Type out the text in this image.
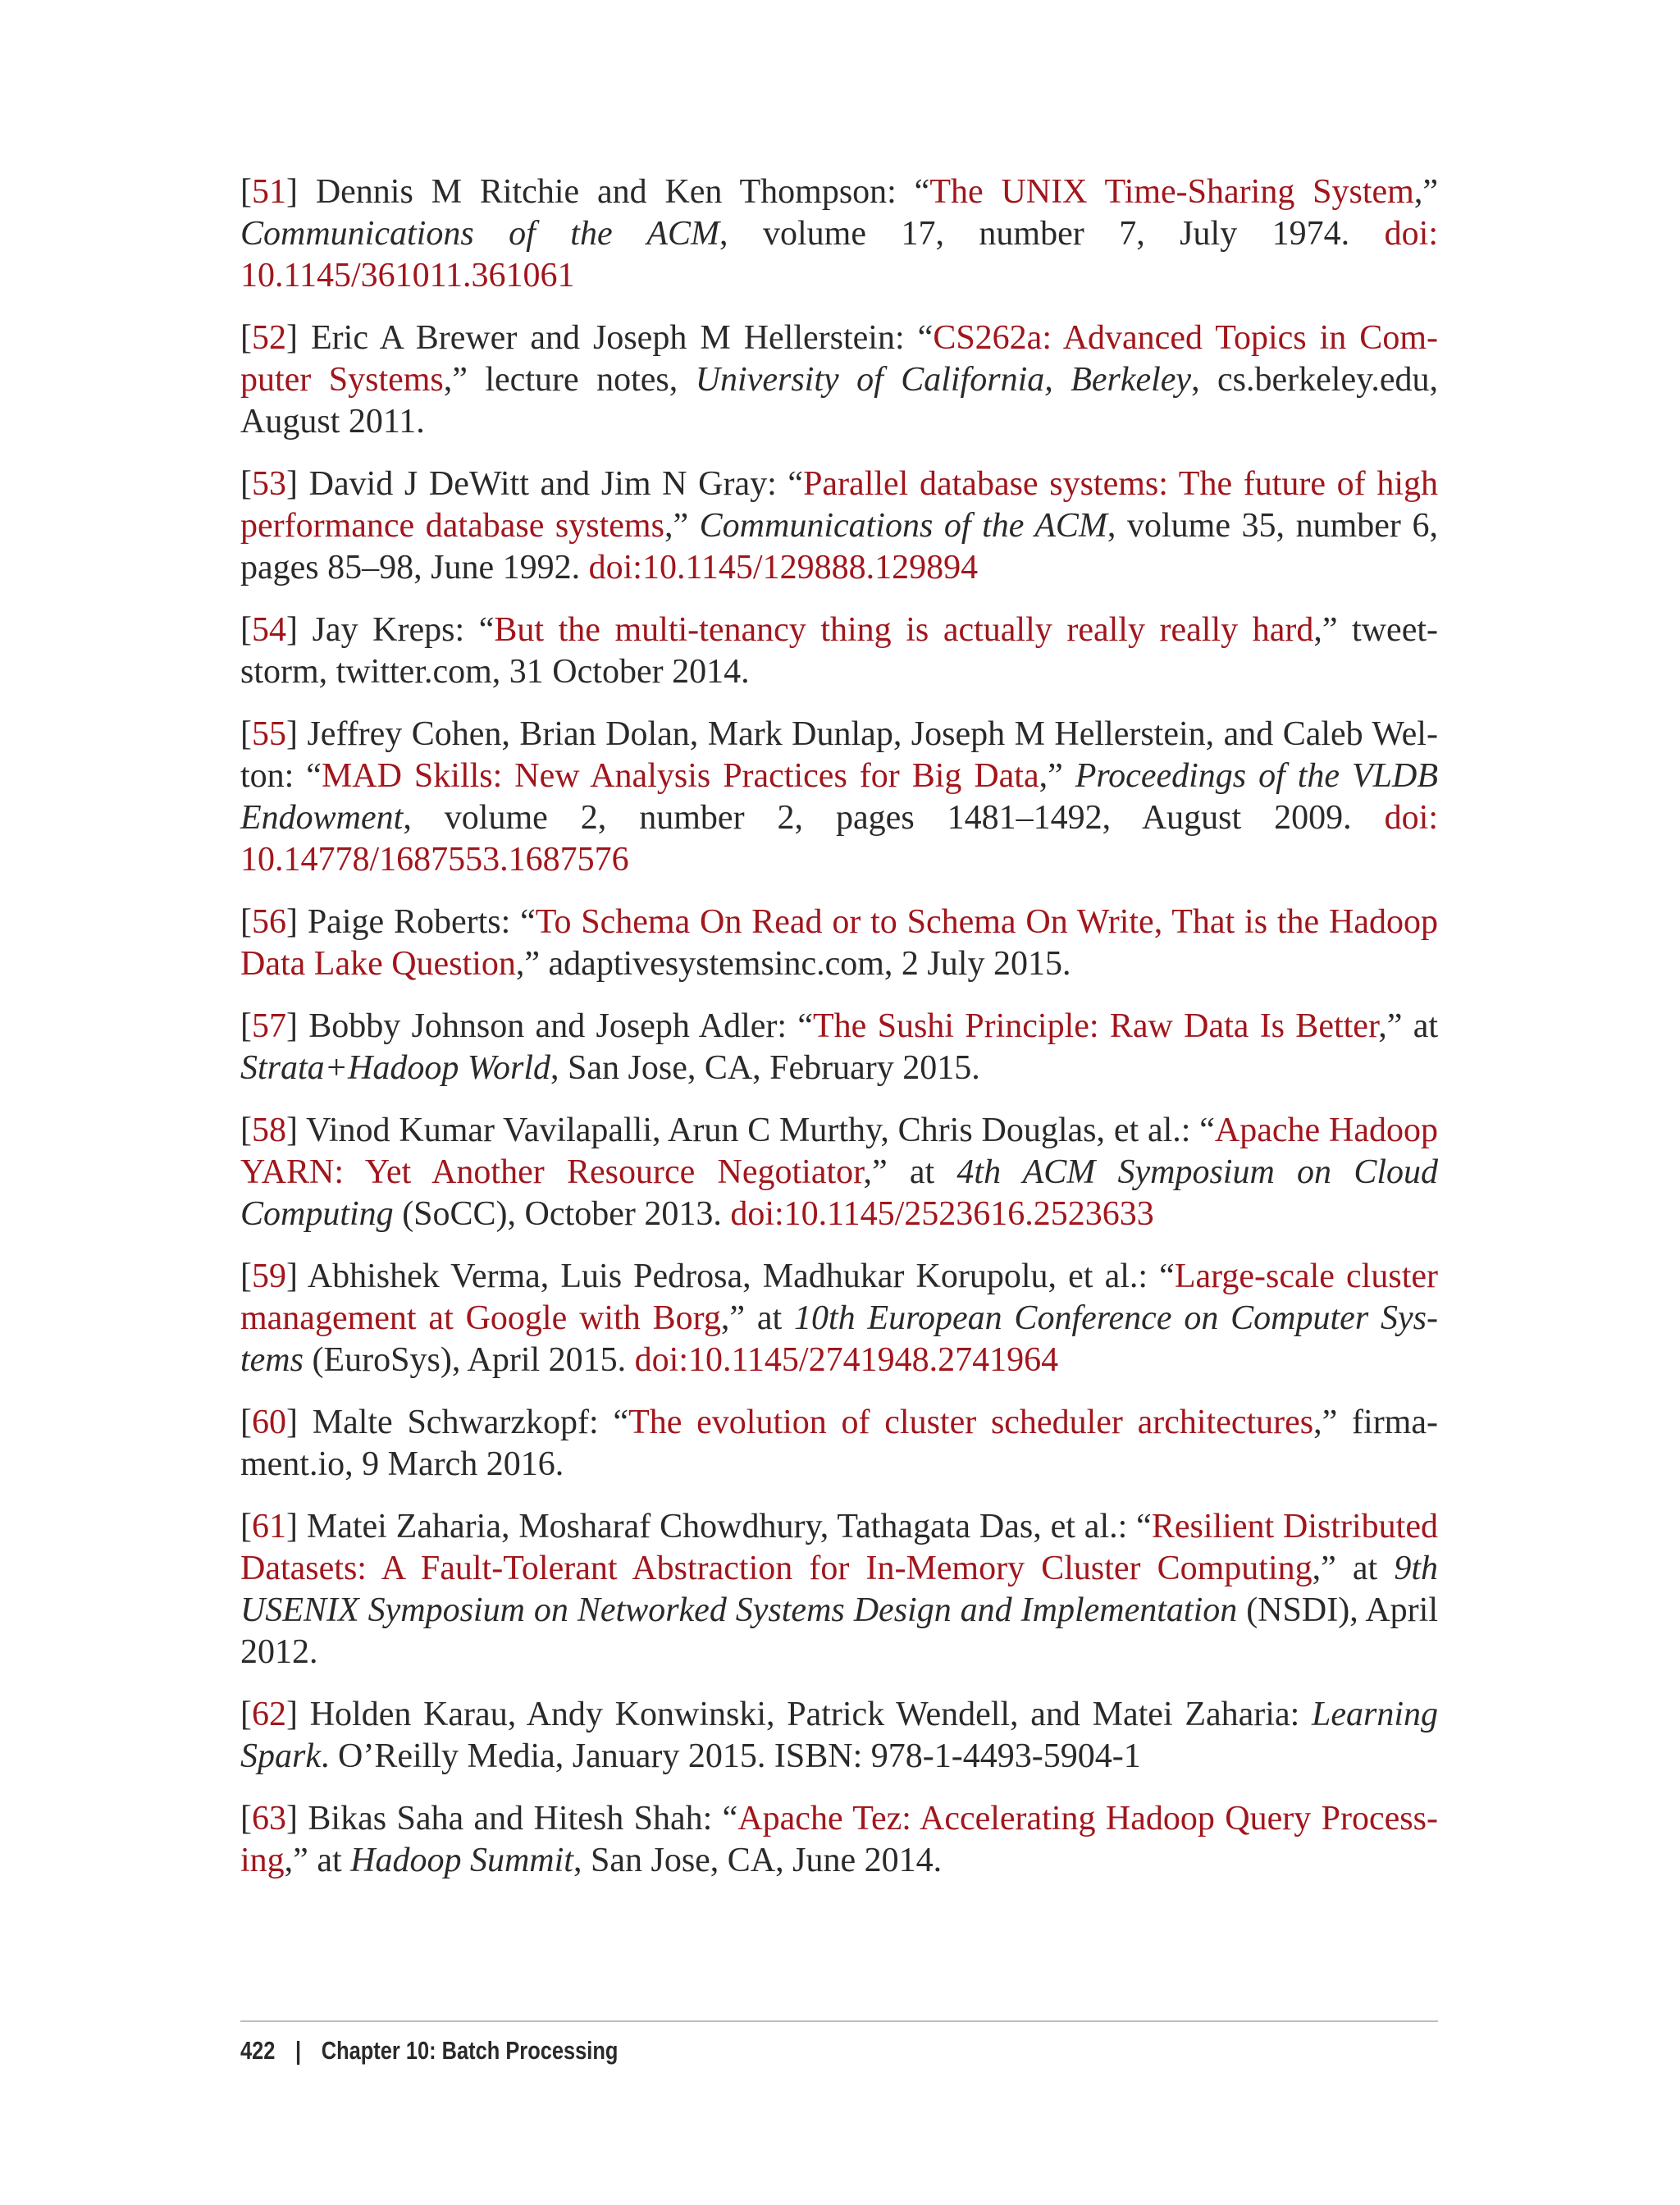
[51] Dennis M Ritchie and Ken Thompson: “The UNIX Time-Sharing System,” Communications of the ACM, volume 17, number 7, July 1974. doi: 10.1145/361011.361061

[52] Eric A Brewer and Joseph M Hellerstein: “CS262a: Advanced Topics in Computer Systems,” lecture notes, University of California, Berkeley, cs.berkeley.edu, August 2011.

[53] David J DeWitt and Jim N Gray: “Parallel database systems: The future of high performance database systems,” Communications of the ACM, volume 35, number 6, pages 85–98, June 1992. doi:10.1145/129888.129894

[54] Jay Kreps: “But the multi-tenancy thing is actually really really hard,” tweetstorm, twitter.com, 31 October 2014.

[55] Jeffrey Cohen, Brian Dolan, Mark Dunlap, Joseph M Hellerstein, and Caleb Welton: “MAD Skills: New Analysis Practices for Big Data,” Proceedings of the VLDB Endowment, volume 2, number 2, pages 1481–1492, August 2009. doi: 10.14778/1687553.1687576

[56] Paige Roberts: “To Schema On Read or to Schema On Write, That is the Hadoop Data Lake Question,” adaptivesystemsinc.com, 2 July 2015.

[57] Bobby Johnson and Joseph Adler: “The Sushi Principle: Raw Data Is Better,” at Strata+Hadoop World, San Jose, CA, February 2015.

[58] Vinod Kumar Vavilapalli, Arun C Murthy, Chris Douglas, et al.: “Apache Hadoop YARN: Yet Another Resource Negotiator,” at 4th ACM Symposium on Cloud Computing (SoCC), October 2013. doi:10.1145/2523616.2523633

[59] Abhishek Verma, Luis Pedrosa, Madhukar Korupolu, et al.: “Large-scale cluster management at Google with Borg,” at 10th European Conference on Computer Systems (EuroSys), April 2015. doi:10.1145/2741948.2741964

[60] Malte Schwarzkopf: “The evolution of cluster scheduler architectures,” firmament.io, 9 March 2016.

[61] Matei Zaharia, Mosharaf Chowdhury, Tathagata Das, et al.: “Resilient Distributed Datasets: A Fault-Tolerant Abstraction for In-Memory Cluster Computing,” at 9th USENIX Symposium on Networked Systems Design and Implementation (NSDI), April 2012.

[62] Holden Karau, Andy Konwinski, Patrick Wendell, and Matei Zaharia: Learning Spark. O’Reilly Media, January 2015. ISBN: 978-1-4493-5904-1

[63] Bikas Saha and Hitesh Shah: “Apache Tez: Accelerating Hadoop Query Processing,” at Hadoop Summit, San Jose, CA, June 2014.

422 | Chapter 10: Batch Processing
